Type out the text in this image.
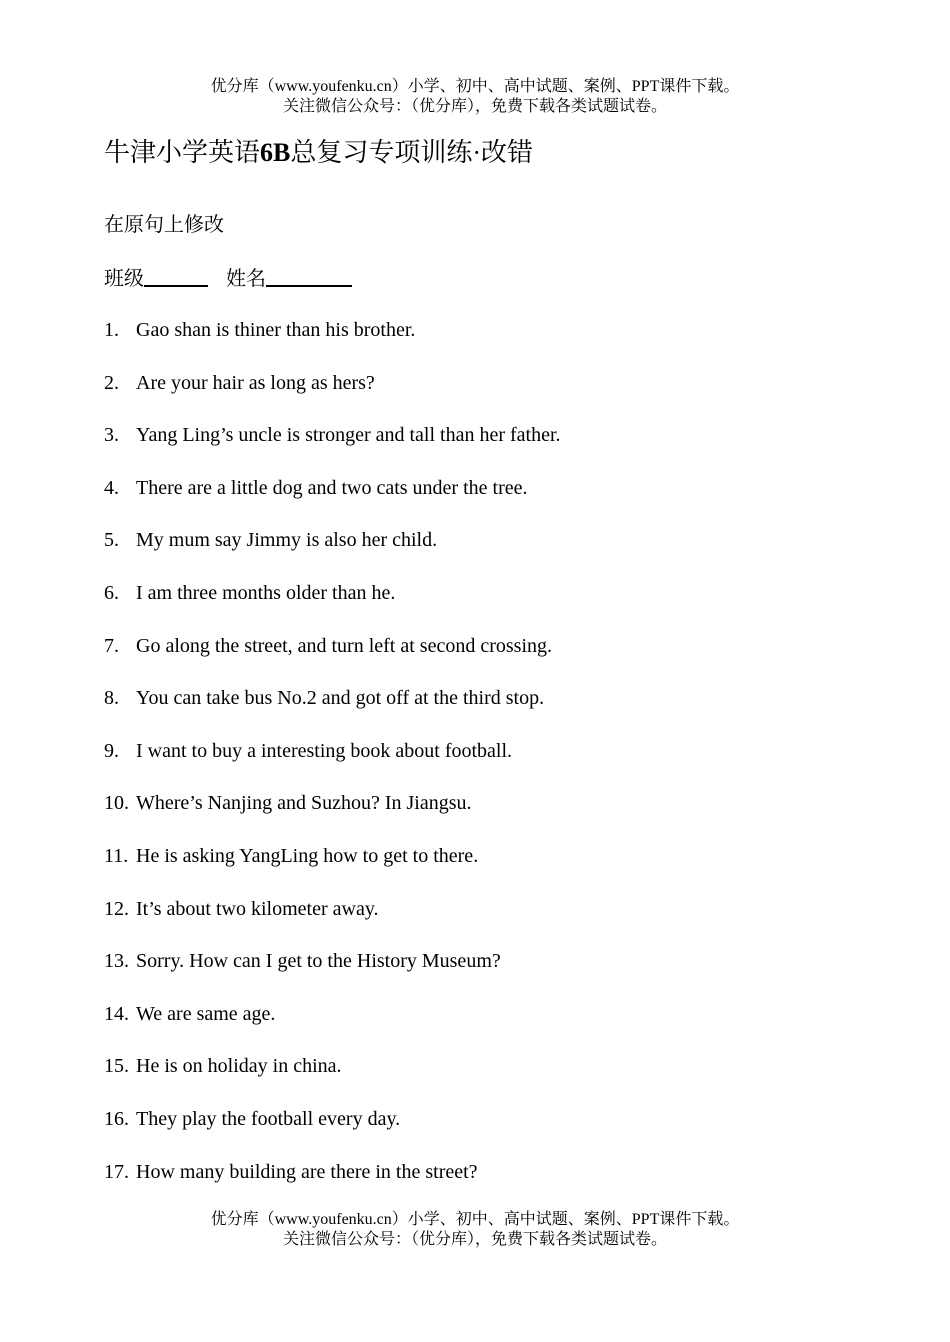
优分库（www.youfenku.cn）小学、初中、高中试题、案例、PPT课件下载。
关注微信公众号：（优分库），免费下载各类试题试卷。
牛津小学英语6B总复习专项训练·改错
在原句上修改
班级	姓名
1. Gao shan is thiner than his brother.
2. Are your hair as long as hers?
3. Yang Ling’s uncle is stronger and tall than her father.
4. There are a little dog and two cats under the tree.
5. My mum say Jimmy is also her child.
6. I am three months older than he.
7. Go along the street, and turn left at second crossing.
8. You can take bus No.2 and got off at the third stop.
9. I want to buy a interesting book about football.
10. Where’s Nanjing and Suzhou? In Jiangsu.
11. He is asking YangLing how to get to there.
12. It’s about two kilometer away.
13. Sorry. How can I get to the History Museum?
14. We are same age.
15. He is on holiday in china.
16. They play the football every day.
17. How many building are there in the street?
优分库（www.youfenku.cn）小学、初中、高中试题、案例、PPT课件下载。
关注微信公众号：（优分库），免费下载各类试题试卷。
